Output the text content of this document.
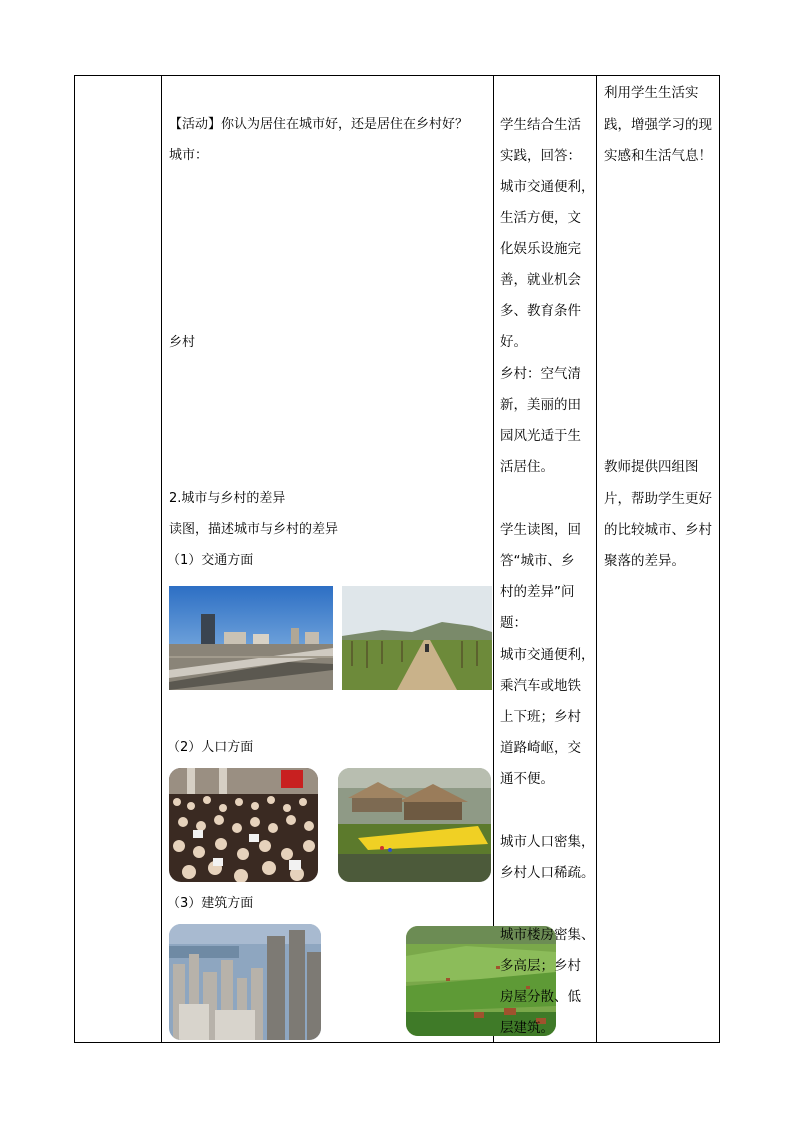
【活动】你认为居住在城市好，还是居住在乡村好？
城市：
乡村
2.城市与乡村的差异
读图，描述城市与乡村的差异
（1）交通方面
（2）人口方面
（3）建筑方面
学生结合生活
实践，回答：
城市交通便利，
生活方便，文
化娱乐设施完
善，就业机会
多、教育条件
好。
乡村：空气清
新，美丽的田
园风光适于生
活居住。
学生读图，回
答“城市、乡
村的差异”问
题：
城市交通便利，
乘汽车或地铁
上下班；乡村
道路崎岖，交
通不便。
城市人口密集，
乡村人口稀疏。
城市楼房密集、
多高层；乡村
房屋分散、低
层建筑。
利用学生生活实
践，增强学习的现
实感和生活气息！
教师提供四组图
片，帮助学生更好
的比较城市、乡村
聚落的差异。
